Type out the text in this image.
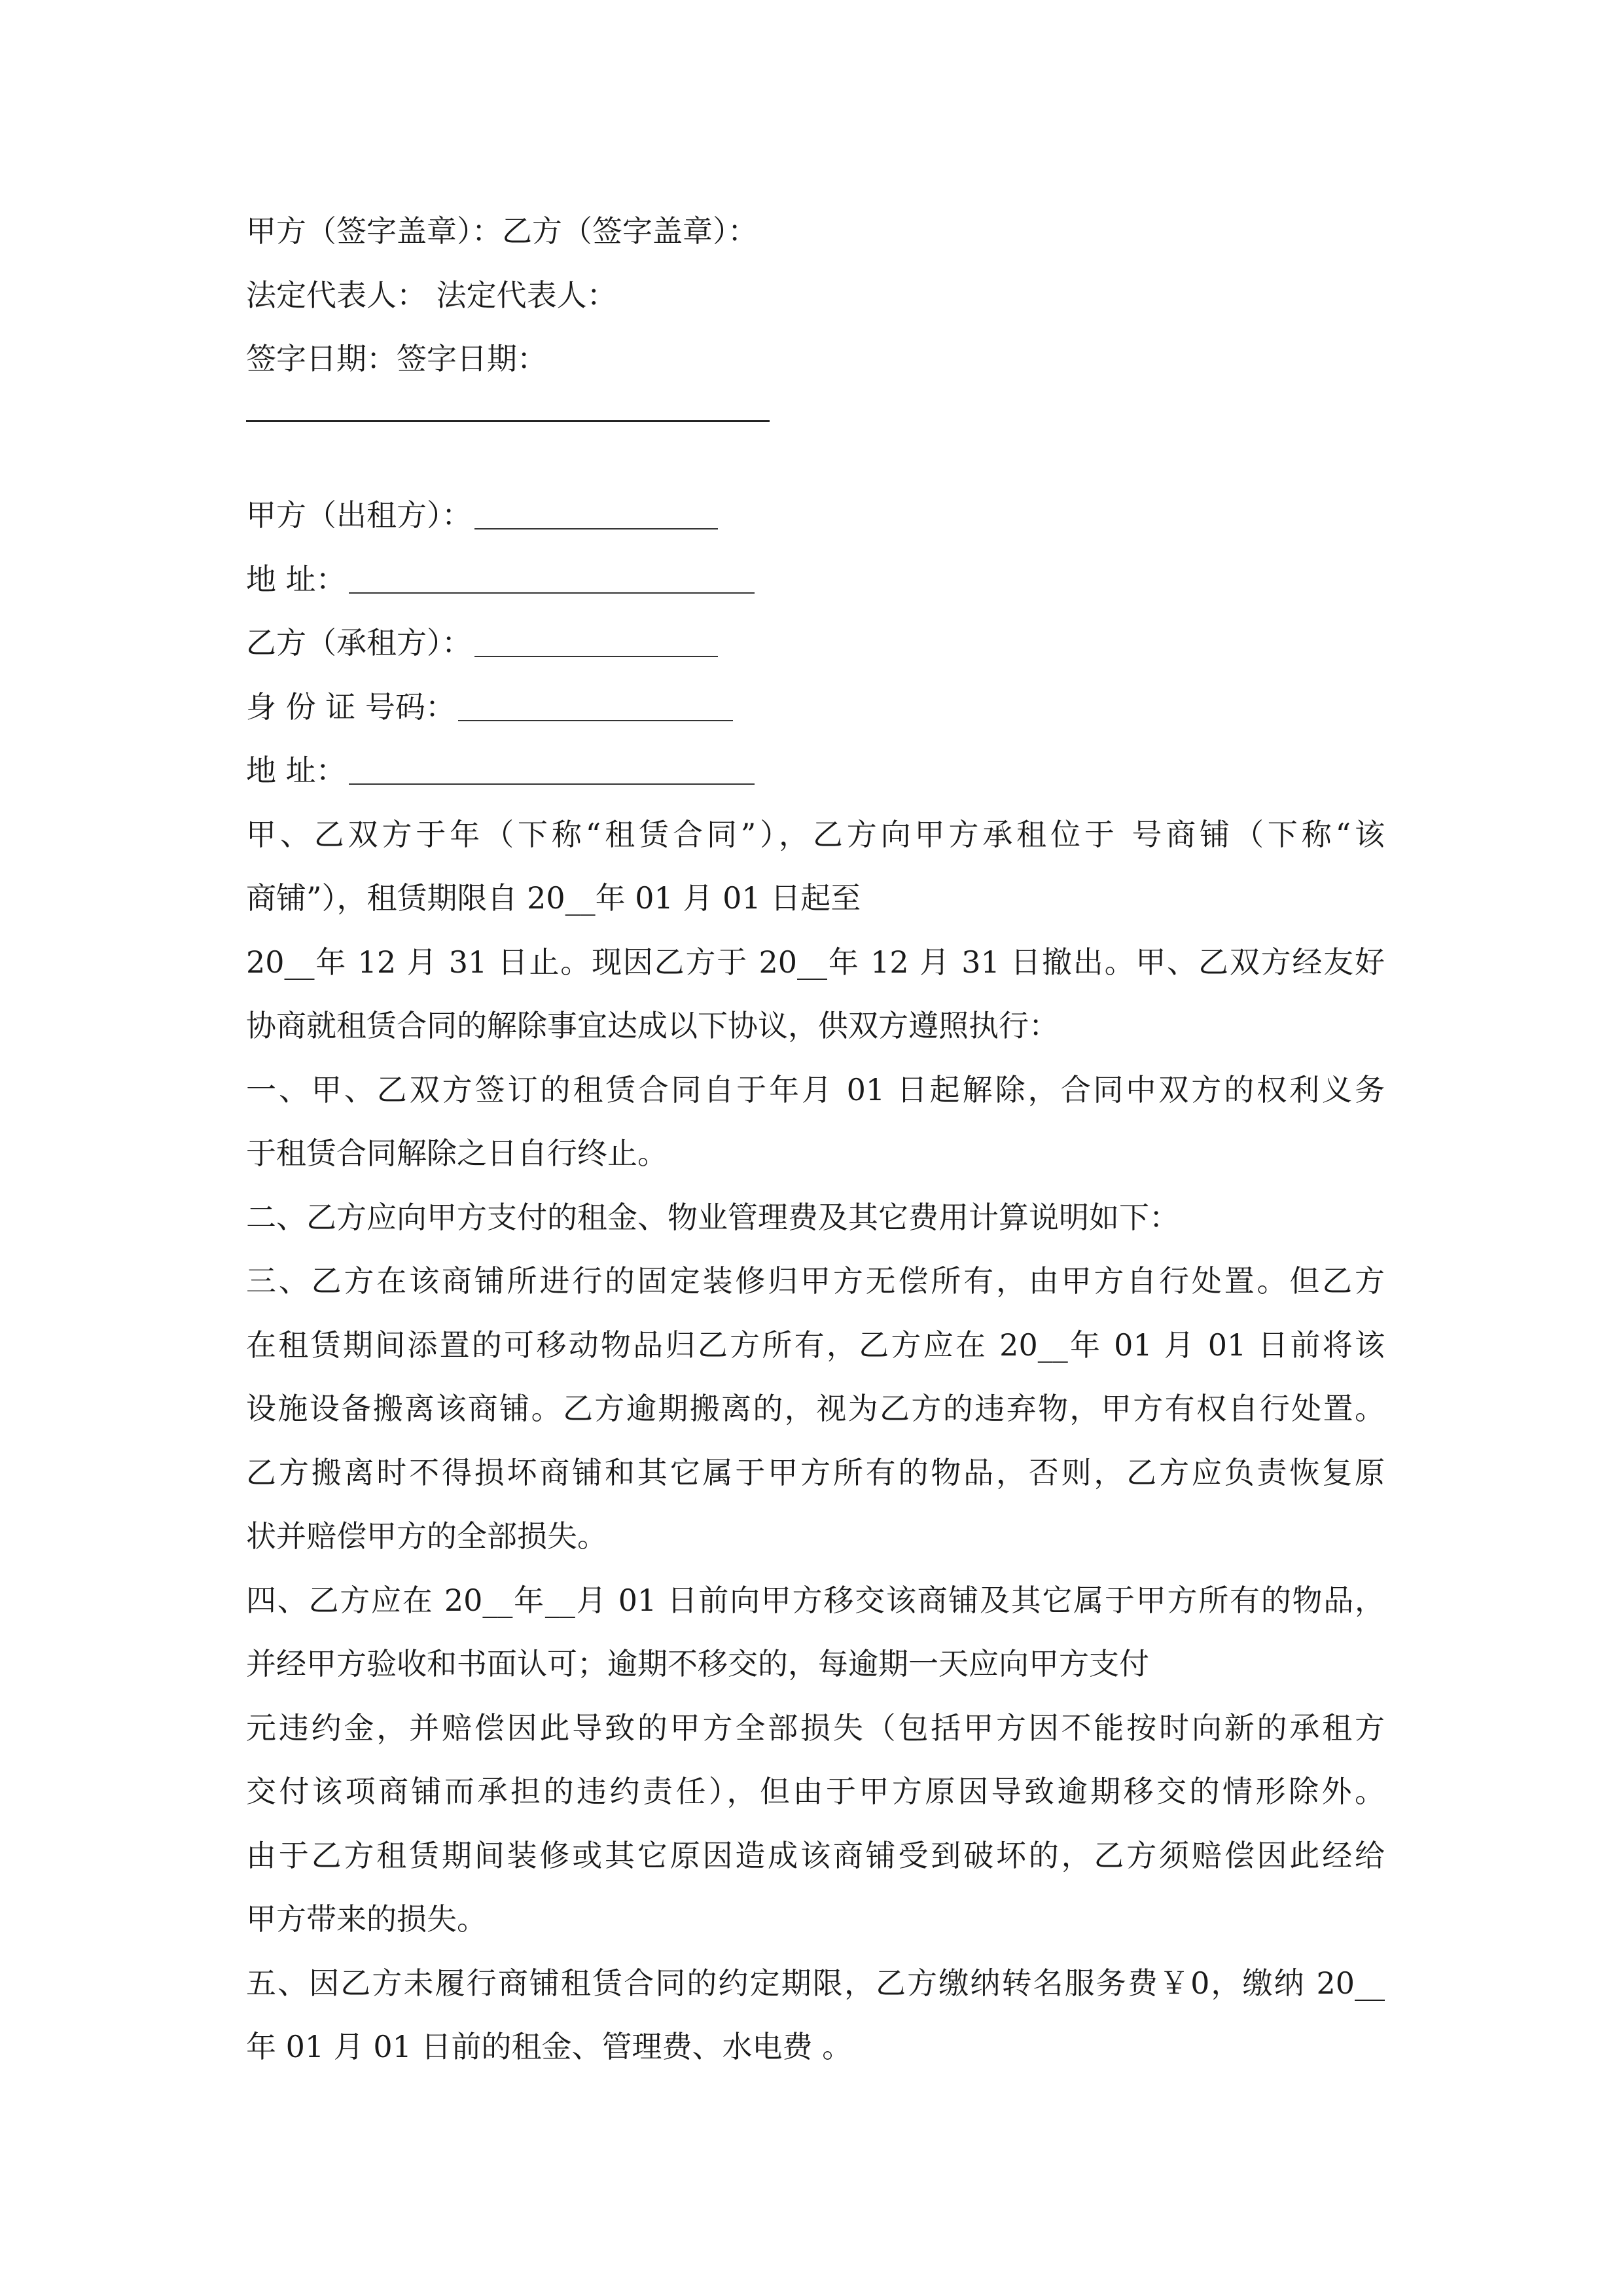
甲方（签字盖章）：乙方（签字盖章）：
法定代表人： 法定代表人：
签字日期：签字日期：
甲方（出租方）：
地 址：
乙方（承租方）：
身 份 证 号码：
地 址：
甲、乙双方于年（下称“租赁合同”），乙方向甲方承租位于 号商铺（下称“该
商铺”），租赁期限自 20__年 01 月 01 日起至
20__年 12 月 31 日止。现因乙方于 20__年 12 月 31 日撤出。甲、乙双方经友好
协商就租赁合同的解除事宜达成以下协议，供双方遵照执行：
一、甲、乙双方签订的租赁合同自于年月 01 日起解除，合同中双方的权利义务
于租赁合同解除之日自行终止。
二、乙方应向甲方支付的租金、物业管理费及其它费用计算说明如下：
三、乙方在该商铺所进行的固定装修归甲方无偿所有，由甲方自行处置。但乙方
在租赁期间添置的可移动物品归乙方所有，乙方应在 20__年 01 月 01 日前将该
设施设备搬离该商铺。乙方逾期搬离的，视为乙方的违弃物，甲方有权自行处置。
乙方搬离时不得损坏商铺和其它属于甲方所有的物品，否则，乙方应负责恢复原
状并赔偿甲方的全部损失。
四、乙方应在 20__年__月 01 日前向甲方移交该商铺及其它属于甲方所有的物品，
并经甲方验收和书面认可；逾期不移交的，每逾期一天应向甲方支付
元违约金，并赔偿因此导致的甲方全部损失（包括甲方因不能按时向新的承租方
交付该项商铺而承担的违约责任），但由于甲方原因导致逾期移交的情形除外。
由于乙方租赁期间装修或其它原因造成该商铺受到破坏的，乙方须赔偿因此经给
甲方带来的损失。
五、因乙方未履行商铺租赁合同的约定期限，乙方缴纳转名服务费￥0，缴纳 20__
年 01 月 01 日前的租金、管理费、水电费 。
